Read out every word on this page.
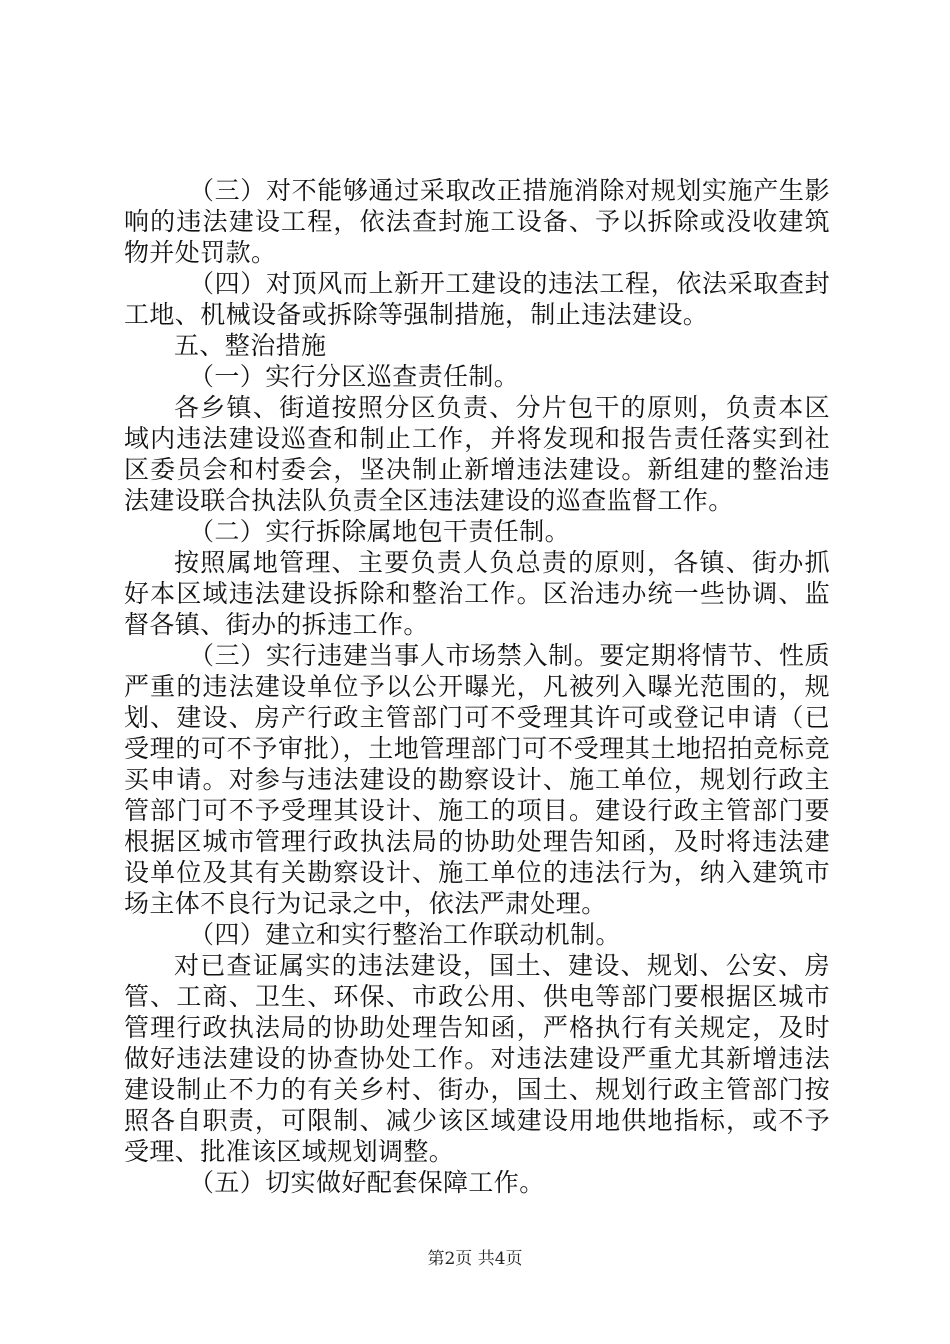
（三）对不能够通过采取改正措施消除对规划实施产生影响的违法建设工程，依法查封施工设备、予以拆除或没收建筑物并处罚款。

（四）对顶风而上新开工建设的违法工程，依法采取查封工地、机械设备或拆除等强制措施，制止违法建设。

五、整治措施

（一）实行分区巡查责任制。

各乡镇、街道按照分区负责、分片包干的原则，负责本区域内违法建设巡查和制止工作，并将发现和报告责任落实到社区委员会和村委会，坚决制止新增违法建设。新组建的整治违法建设联合执法队负责全区违法建设的巡查监督工作。

（二）实行拆除属地包干责任制。

按照属地管理、主要负责人负总责的原则，各镇、街办抓好本区域违法建设拆除和整治工作。区治违办统一些协调、监督各镇、街办的拆违工作。

（三）实行违建当事人市场禁入制。要定期将情节、性质严重的违法建设单位予以公开曝光，凡被列入曝光范围的，规划、建设、房产行政主管部门可不受理其许可或登记申请（已受理的可不予审批），土地管理部门可不受理其土地招拍竞标竞买申请。对参与违法建设的勘察设计、施工单位，规划行政主管部门可不予受理其设计、施工的项目。建设行政主管部门要根据区城市管理行政执法局的协助处理告知函，及时将违法建设单位及其有关勘察设计、施工单位的违法行为，纳入建筑市场主体不良行为记录之中，依法严肃处理。

（四）建立和实行整治工作联动机制。

对已查证属实的违法建设，国土、建设、规划、公安、房管、工商、卫生、环保、市政公用、供电等部门要根据区城市管理行政执法局的协助处理告知函，严格执行有关规定，及时做好违法建设的协查协处工作。对违法建设严重尤其新增违法建设制止不力的有关乡村、街办，国土、规划行政主管部门按照各自职责，可限制、减少该区域建设用地供地指标，或不予受理、批准该区域规划调整。

（五）切实做好配套保障工作。

第2页 共4页
